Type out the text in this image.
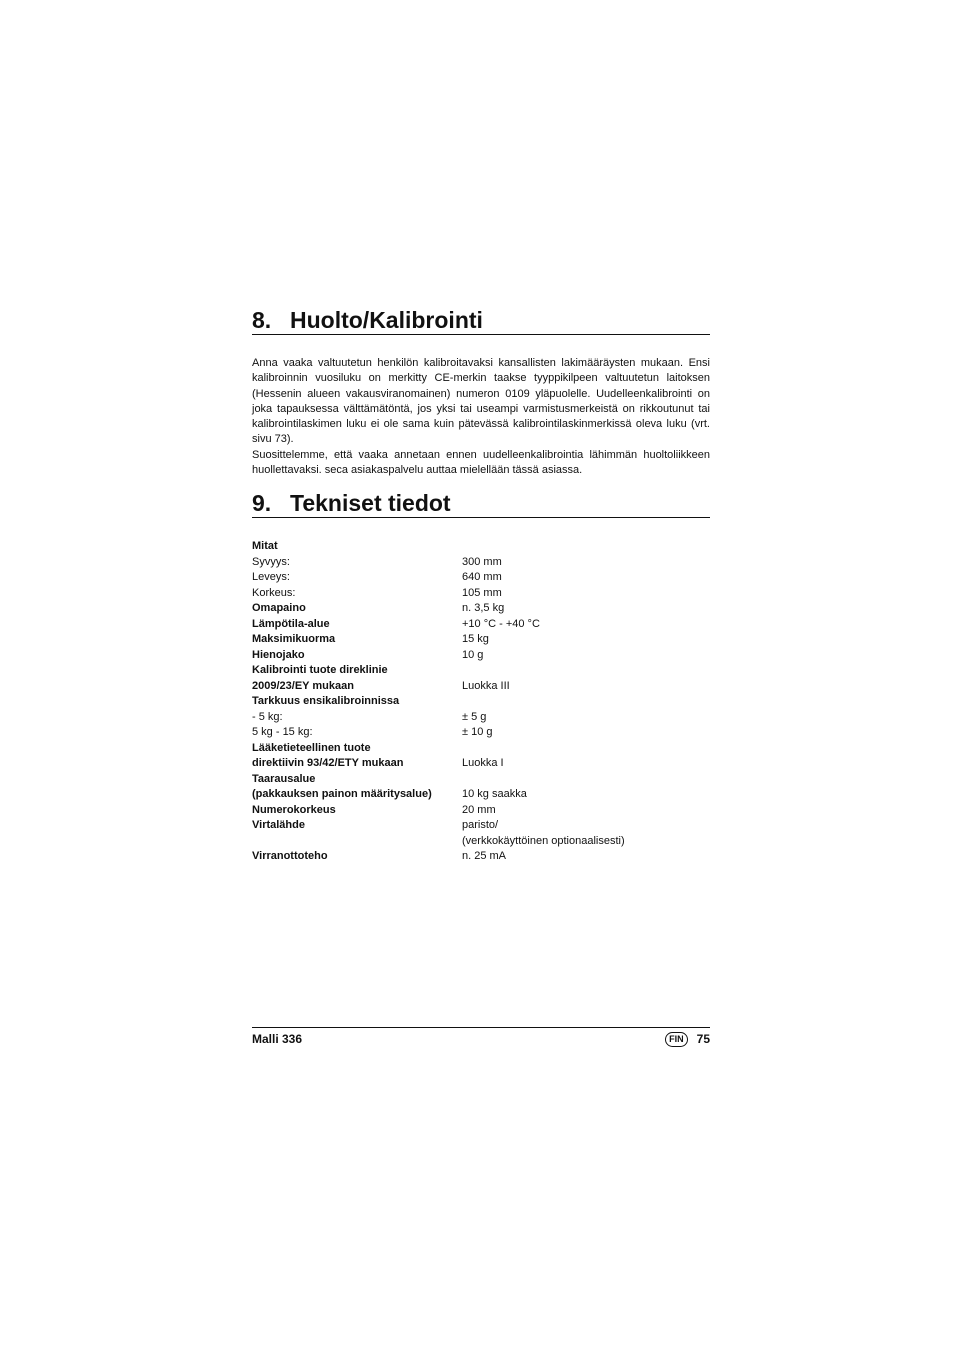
8. Huolto/Kalibrointi

Anna vaaka valtuutetun henkilön kalibroitavaksi kansallisten lakimääräysten mukaan. Ensi kalibroinnin vuosiluku on merkitty CE-merkin taakse tyyppikilpeen valtuutetun laitoksen (Hessenin alueen vakausviranomainen) numeron 0109 yläpuolelle. Uudelleenkalibrointi on joka tapauksessa välttämätöntä, jos yksi tai useampi varmistusmerkeistä on rikkoutunut tai kalibrointilaskimen luku ei ole sama kuin pätevässä kalibrointilaskinmerkissä oleva luku (vrt. sivu 73).

Suosittelemme, että vaaka annetaan ennen uudelleenkalibrointia lähimmän huoltoliikkeen huollettavaksi. seca asiakaspalvelu auttaa mielellään tässä asiassa.

9. Tekniset tiedot
Mitat
Syvyys:	300 mm
Leveys:	640 mm
Korkeus:	105 mm
Omapaino	n. 3,5 kg
Lämpötila-alue	+10 °C - +40 °C
Maksimikuorma	15 kg
Hienojako	10 g
Kalibrointi tuote direklinie
2009/23/EY mukaan	Luokka III
Tarkkuus ensikalibroinnissa
- 5 kg:	± 5 g
5 kg - 15 kg:	± 10 g
Lääketieteellinen tuote
direktiivin 93/42/ETY mukaan	Luokka I
Taarausalue
(pakkauksen painon määritysalue)	10 kg saakka
Numerokorkeus	20 mm
Virtalähde	paristo/
(verkkokäyttöinen optionaalisesti)
Virranottoteho	n. 25 mA
Malli 336	FIN	75
